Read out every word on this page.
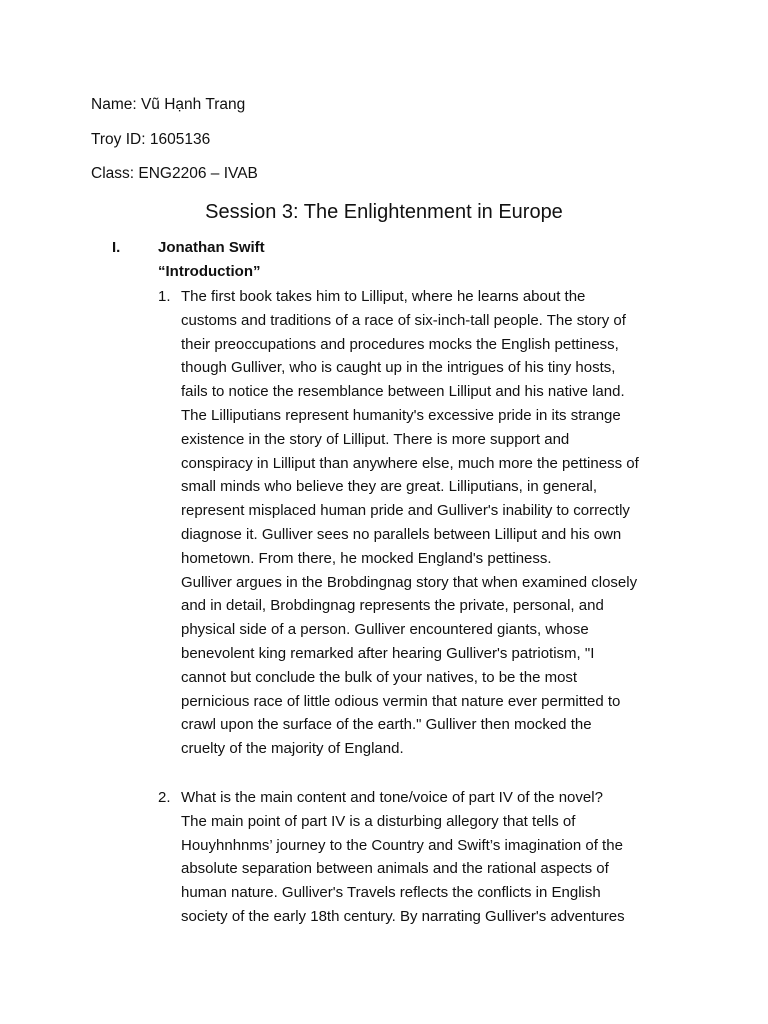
Name: Vũ Hạnh Trang
Troy ID: 1605136
Class: ENG2206 – IVAB
Session 3: The Enlightenment in Europe
I.	Jonathan Swift
“Introduction”
1. The first book takes him to Lilliput, where he learns about the
customs and traditions of a race of six-inch-tall people. The story of
their preoccupations and procedures mocks the English pettiness,
though Gulliver, who is caught up in the intrigues of his tiny hosts,
fails to notice the resemblance between Lilliput and his native land.
The Lilliputians represent humanity's excessive pride in its strange
existence in the story of Lilliput. There is more support and
conspiracy in Lilliput than anywhere else, much more the pettiness of
small minds who believe they are great. Lilliputians, in general,
represent misplaced human pride and Gulliver's inability to correctly
diagnose it. Gulliver sees no parallels between Lilliput and his own
hometown. From there, he mocked England's pettiness.
Gulliver argues in the Brobdingnag story that when examined closely
and in detail, Brobdingnag represents the private, personal, and
physical side of a person. Gulliver encountered giants, whose
benevolent king remarked after hearing Gulliver's patriotism, "I
cannot but conclude the bulk of your natives, to be the most
pernicious race of little odious vermin that nature ever permitted to
crawl upon the surface of the earth." Gulliver then mocked the
cruelty of the majority of England.
2. What is the main content and tone/voice of part IV of the novel?
The main point of part IV is a disturbing allegory that tells of
Houyhnhnms’ journey to the Country and Swift’s imagination of the
absolute separation between animals and the rational aspects of
human nature. Gulliver's Travels reflects the conflicts in English
society of the early 18th century. By narrating Gulliver's adventures
